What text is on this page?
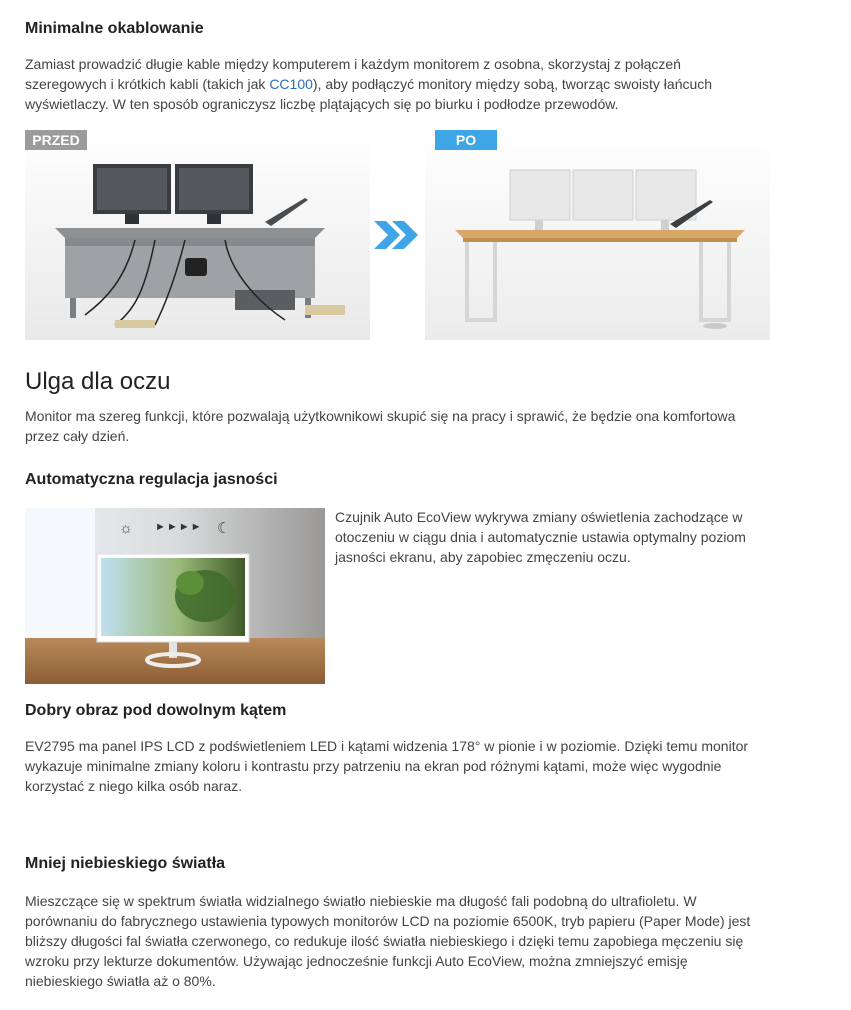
Minimalne okablowanie

Zamiast prowadzić długie kable między komputerem i każdym monitorem z osobna, skorzystaj z połączeń szeregowych i krótkich kabli (takich jak CC100), aby podłączyć monitory między sobą, tworząc swoisty łańcuch wyświetlaczy. W ten sposób ograniczysz liczbę plątających się po biurku i podłodze przewodów.

PRZED	PO
Ulga dla oczu

Monitor ma szereg funkcji, które pozwalają użytkownikowi skupić się na pracy i sprawić, że będzie ona komfortowa przez cały dzień.

Automatyczna regulacja jasności
☼ ►►►► ☾

Czujnik Auto EcoView wykrywa zmiany oświetlenia zachodzące w otoczeniu w ciągu dnia i automatycznie ustawia optymalny poziom jasności ekranu, aby zapobiec zmęczeniu oczu.

Dobry obraz pod dowolnym kątem

EV2795 ma panel IPS LCD z podświetleniem LED i kątami widzenia 178° w pionie i w poziomie. Dzięki temu monitor wykazuje minimalne zmiany koloru i kontrastu przy patrzeniu na ekran pod różnymi kątami, może więc wygodnie korzystać z niego kilka osób naraz.

Mniej niebieskiego światła

Mieszczące się w spektrum światła widzialnego światło niebieskie ma długość fali podobną do ultrafioletu. W porównaniu do fabrycznego ustawienia typowych monitorów LCD na poziomie 6500K, tryb papieru (Paper Mode) jest bliższy długości fal światła czerwonego, co redukuje ilość światła niebieskiego i dzięki temu zapobiega męczeniu się wzroku przy lekturze dokumentów. Używając jednocześnie funkcji Auto EcoView, można zmniejszyć emisję niebieskiego światła aż o 80%.
